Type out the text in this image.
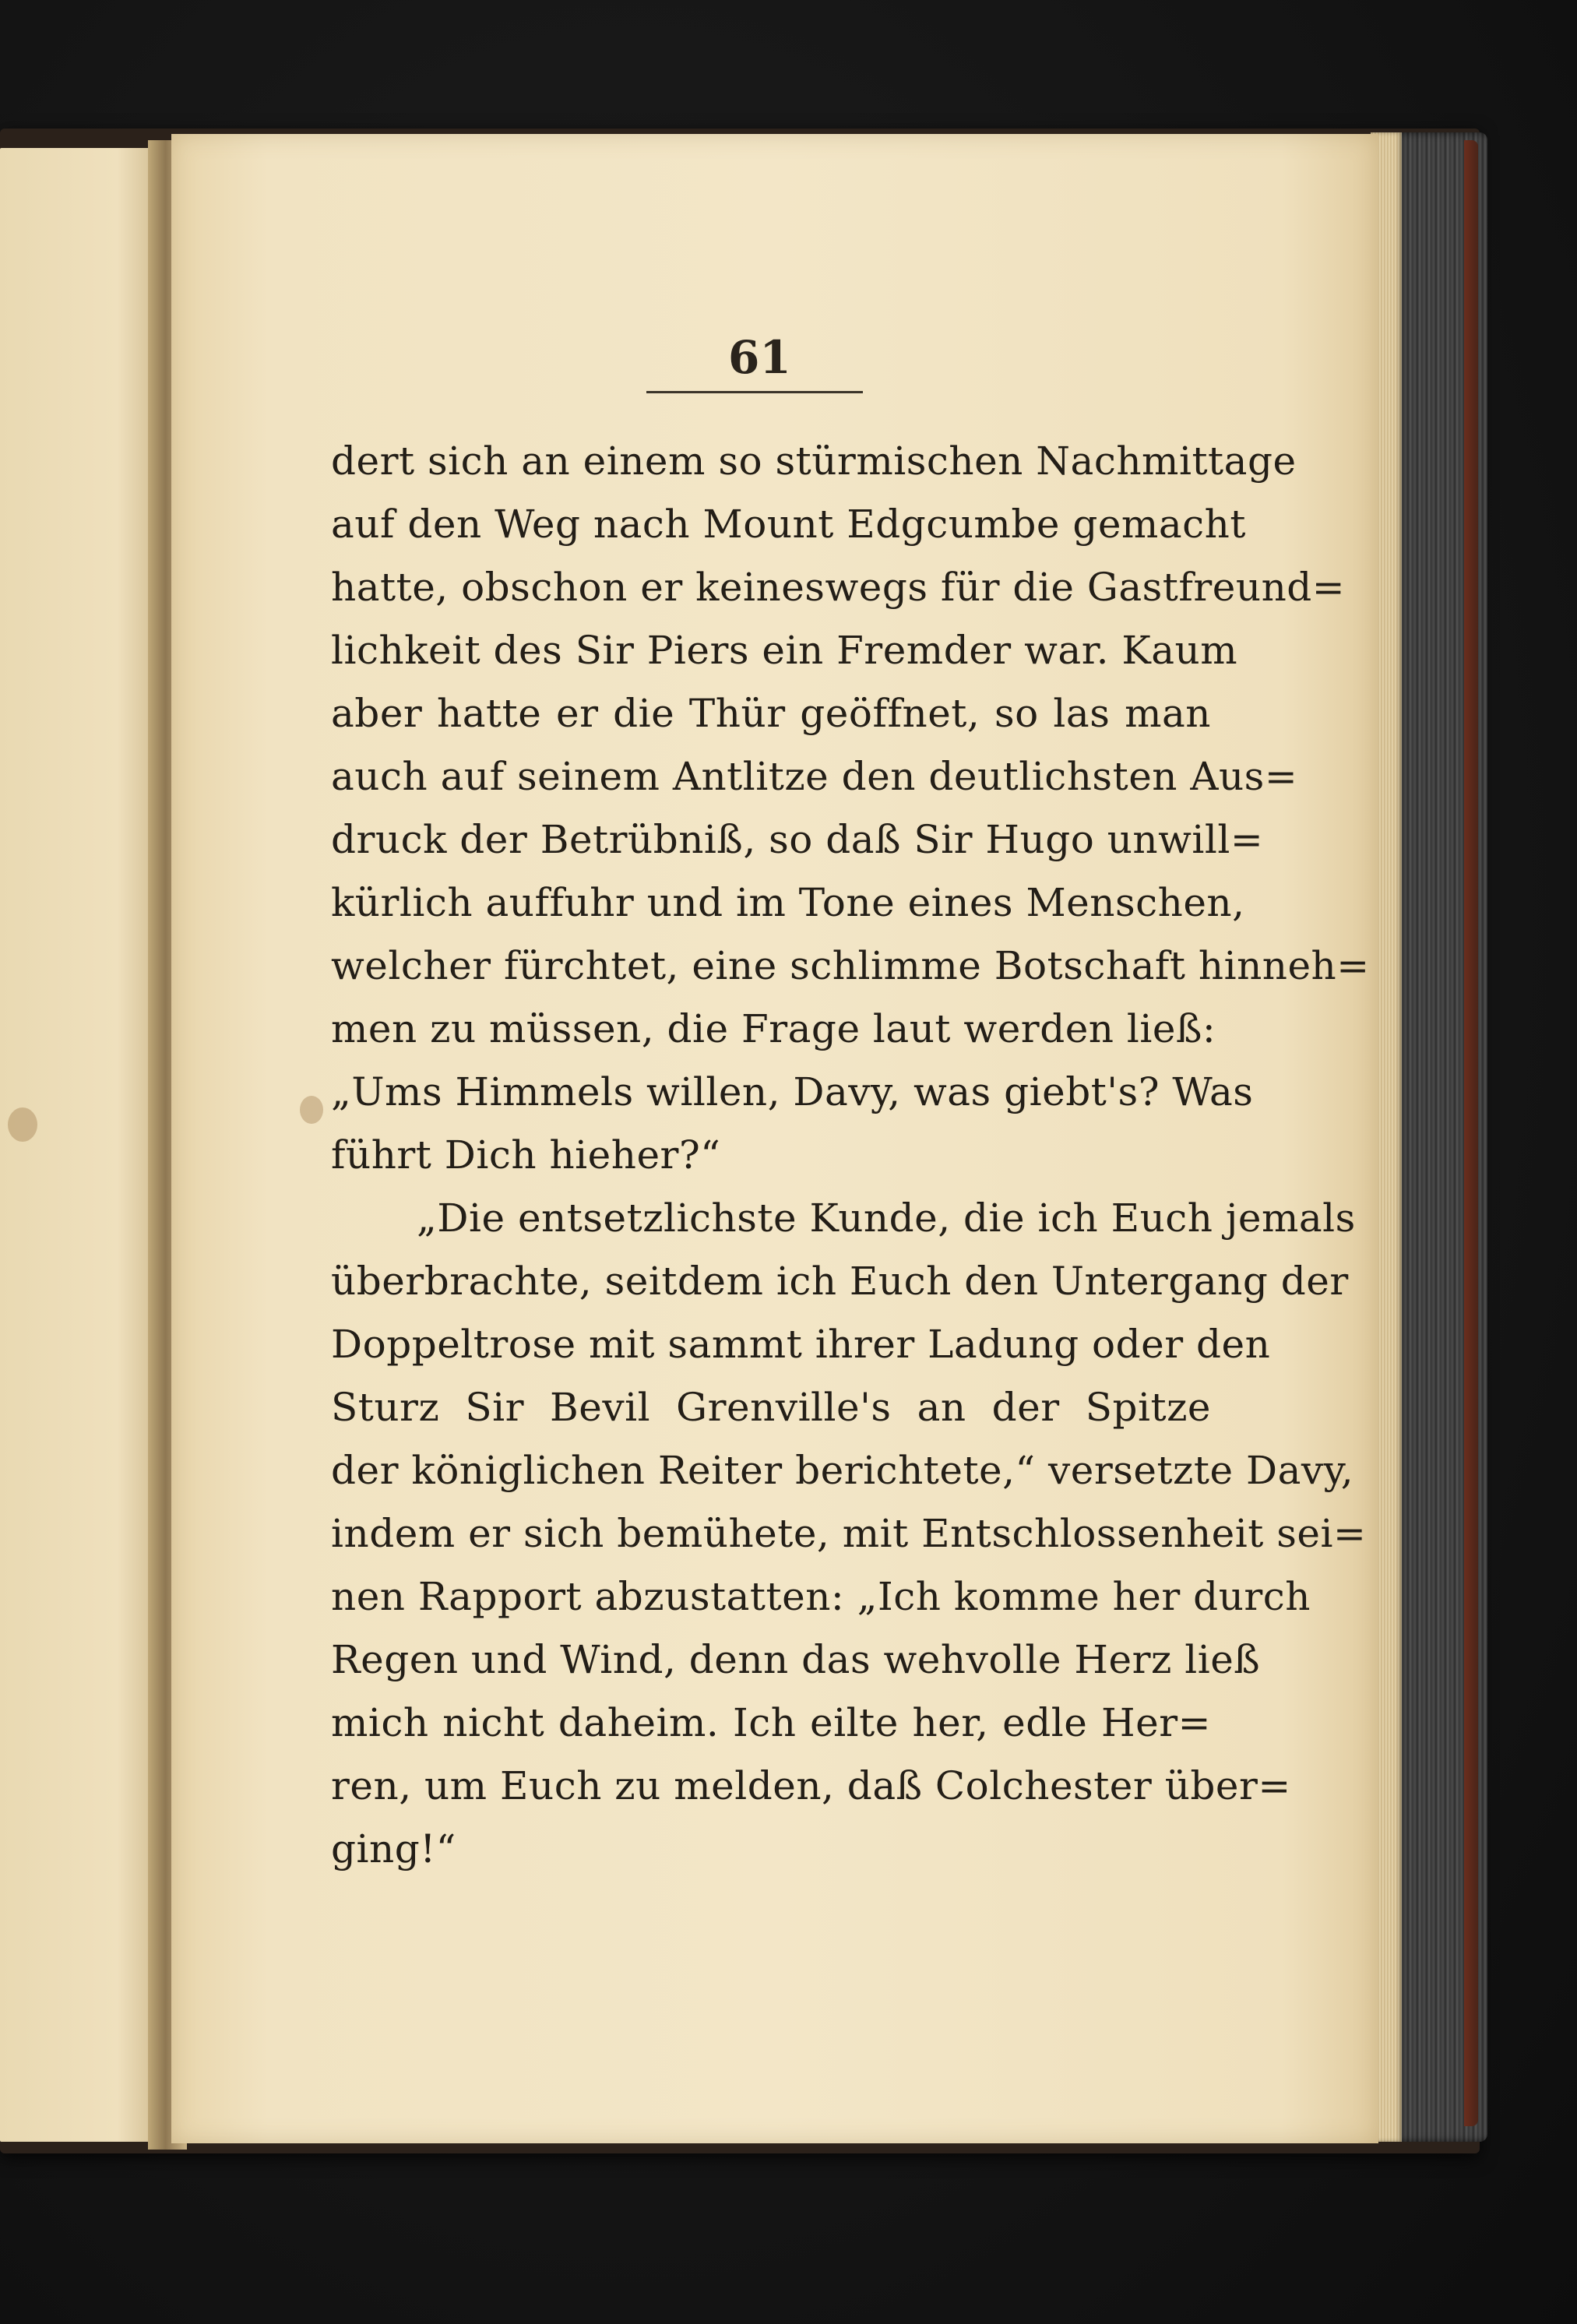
61
dert sich an einem so stürmischen Nachmittage
auf den Weg nach Mount Edgcumbe gemacht
hatte, obschon er keineswegs für die Gastfreund=
lichkeit des Sir Piers ein Fremder war. Kaum
aber hatte er die Thür geöffnet, so las man
auch auf seinem Antlitze den deutlichsten Aus=
druck der Betrübniß, so daß Sir Hugo unwill=
kürlich auffuhr und im Tone eines Menschen,
welcher fürchtet, eine schlimme Botschaft hinneh=
men zu müssen, die Frage laut werden ließ:
„Ums Himmels willen, Davy, was giebt's? Was
führt Dich hieher?“
„Die entsetzlichste Kunde, die ich Euch jemals
überbrachte, seitdem ich Euch den Untergang der
Doppeltrose mit sammt ihrer Ladung oder den
Sturz Sir Bevil Grenville's an der Spitze
der königlichen Reiter berichtete,“ versetzte Davy,
indem er sich bemühete, mit Entschlossenheit sei=
nen Rapport abzustatten: „Ich komme her durch
Regen und Wind, denn das wehvolle Herz ließ
mich nicht daheim. Ich eilte her, edle Her=
ren, um Euch zu melden, daß Colchester über=
ging!“
